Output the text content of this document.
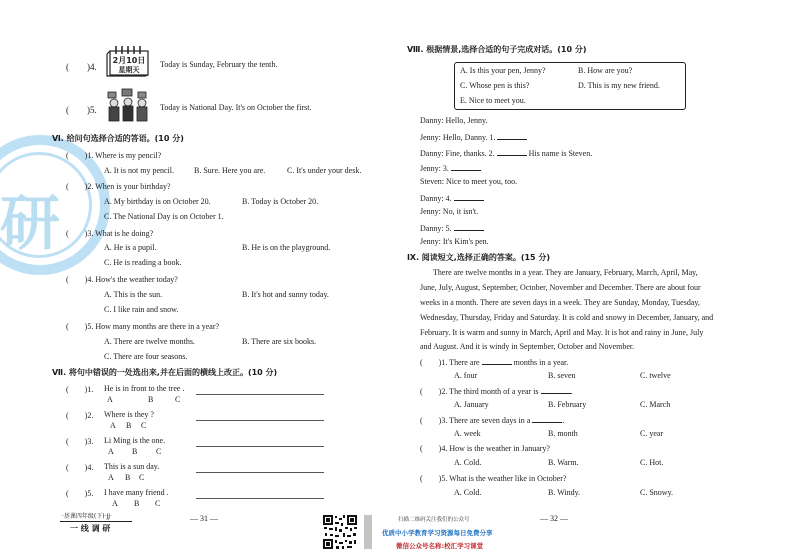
研
(　　)4.
2月10日
星期天
Today is Sunday, February the tenth.
(　　)5.	Today is National Day. It's on October the first.
Ⅵ. 给问句选择合适的答语。(10 分)
(　　)1. Where is my pencil?
A. It is not my pencil.	B. Sure. Here you are.	C. It's under your desk.
(　　)2. When is your birthday?
A. My birthday is on October 20.	B. Today is October 20.
C. The National Day is on October 1.
(　　)3. What is he doing?
A. He is a pupil.	B. He is on the playground.
C. He is reading a book.
(　　)4. How's the weather today?
A. This is the sun.	B. It's hot and sunny today.
C. I like rain and snow.
(　　)5. How many months are there in a year?
A. There are twelve months.	B. There are six books.
C. There are four seasons.
Ⅶ. 将句中错误的一处选出来,并在后面的横线上改正。(10 分)
(　　)1. He is in front to the tree .
A	B	C
(　　)2. Where is they ?
A B C
(　　)3. Li Ming is the one.
A B C
(　　)4. This is a sun day.
A B C
(　　)5. I have many friend .
A B C
·基课四年级(下)·JJ·
一 线 调 研
— 31 —	扫描二维码关注我们的公众号
优质中小学教育学习资源每日免费分享
微信公众号名称:校汇学习课堂
Ⅷ. 根据情景,选择合适的句子完成对话。(10 分)
A. Is this your pen, Jenny?	B. How are you?
C. Whose pen is this?	D. This is my new friend.
E. Nice to meet you.
Danny: Hello, Jenny.
Jenny: Hello, Danny. 1.
Danny: Fine, thanks. 2.	His name is Steven.
Jenny: 3.
Steven: Nice to meet you, too.
Danny: 4.
Jenny: No, it isn't.
Danny: 5.
Jenny: It's Kim's pen.
Ⅸ. 阅读短文,选择正确的答案。(15 分)
There are twelve months in a year. They are January, February, March, April, May,
June, July, August, September, October, November and December. There are about four
weeks in a month. There are seven days in a week. They are Sunday, Monday, Tuesday,
Wednesday, Thursday, Friday and Saturday. It is cold and snowy in December, January, and
February. It is warm and sunny in March, April and May. It is hot and rainy in June, July
and August. And it is windy in September, October and November.
(　　)1. There are	months in a year.
A. four	B. seven	C. twelve
(　　)2. The third month of a year is	.
A. January	B. February	C. March
(　　)3. There are seven days in a	.
A. week	B. month	C. year
(　　)4. How is the weather in January?
A. Cold.	B. Warm.	C. Hot.
(　　)5. What is the weather like in October?
A. Cold.	B. Windy.	C. Snowy.
— 32 —
